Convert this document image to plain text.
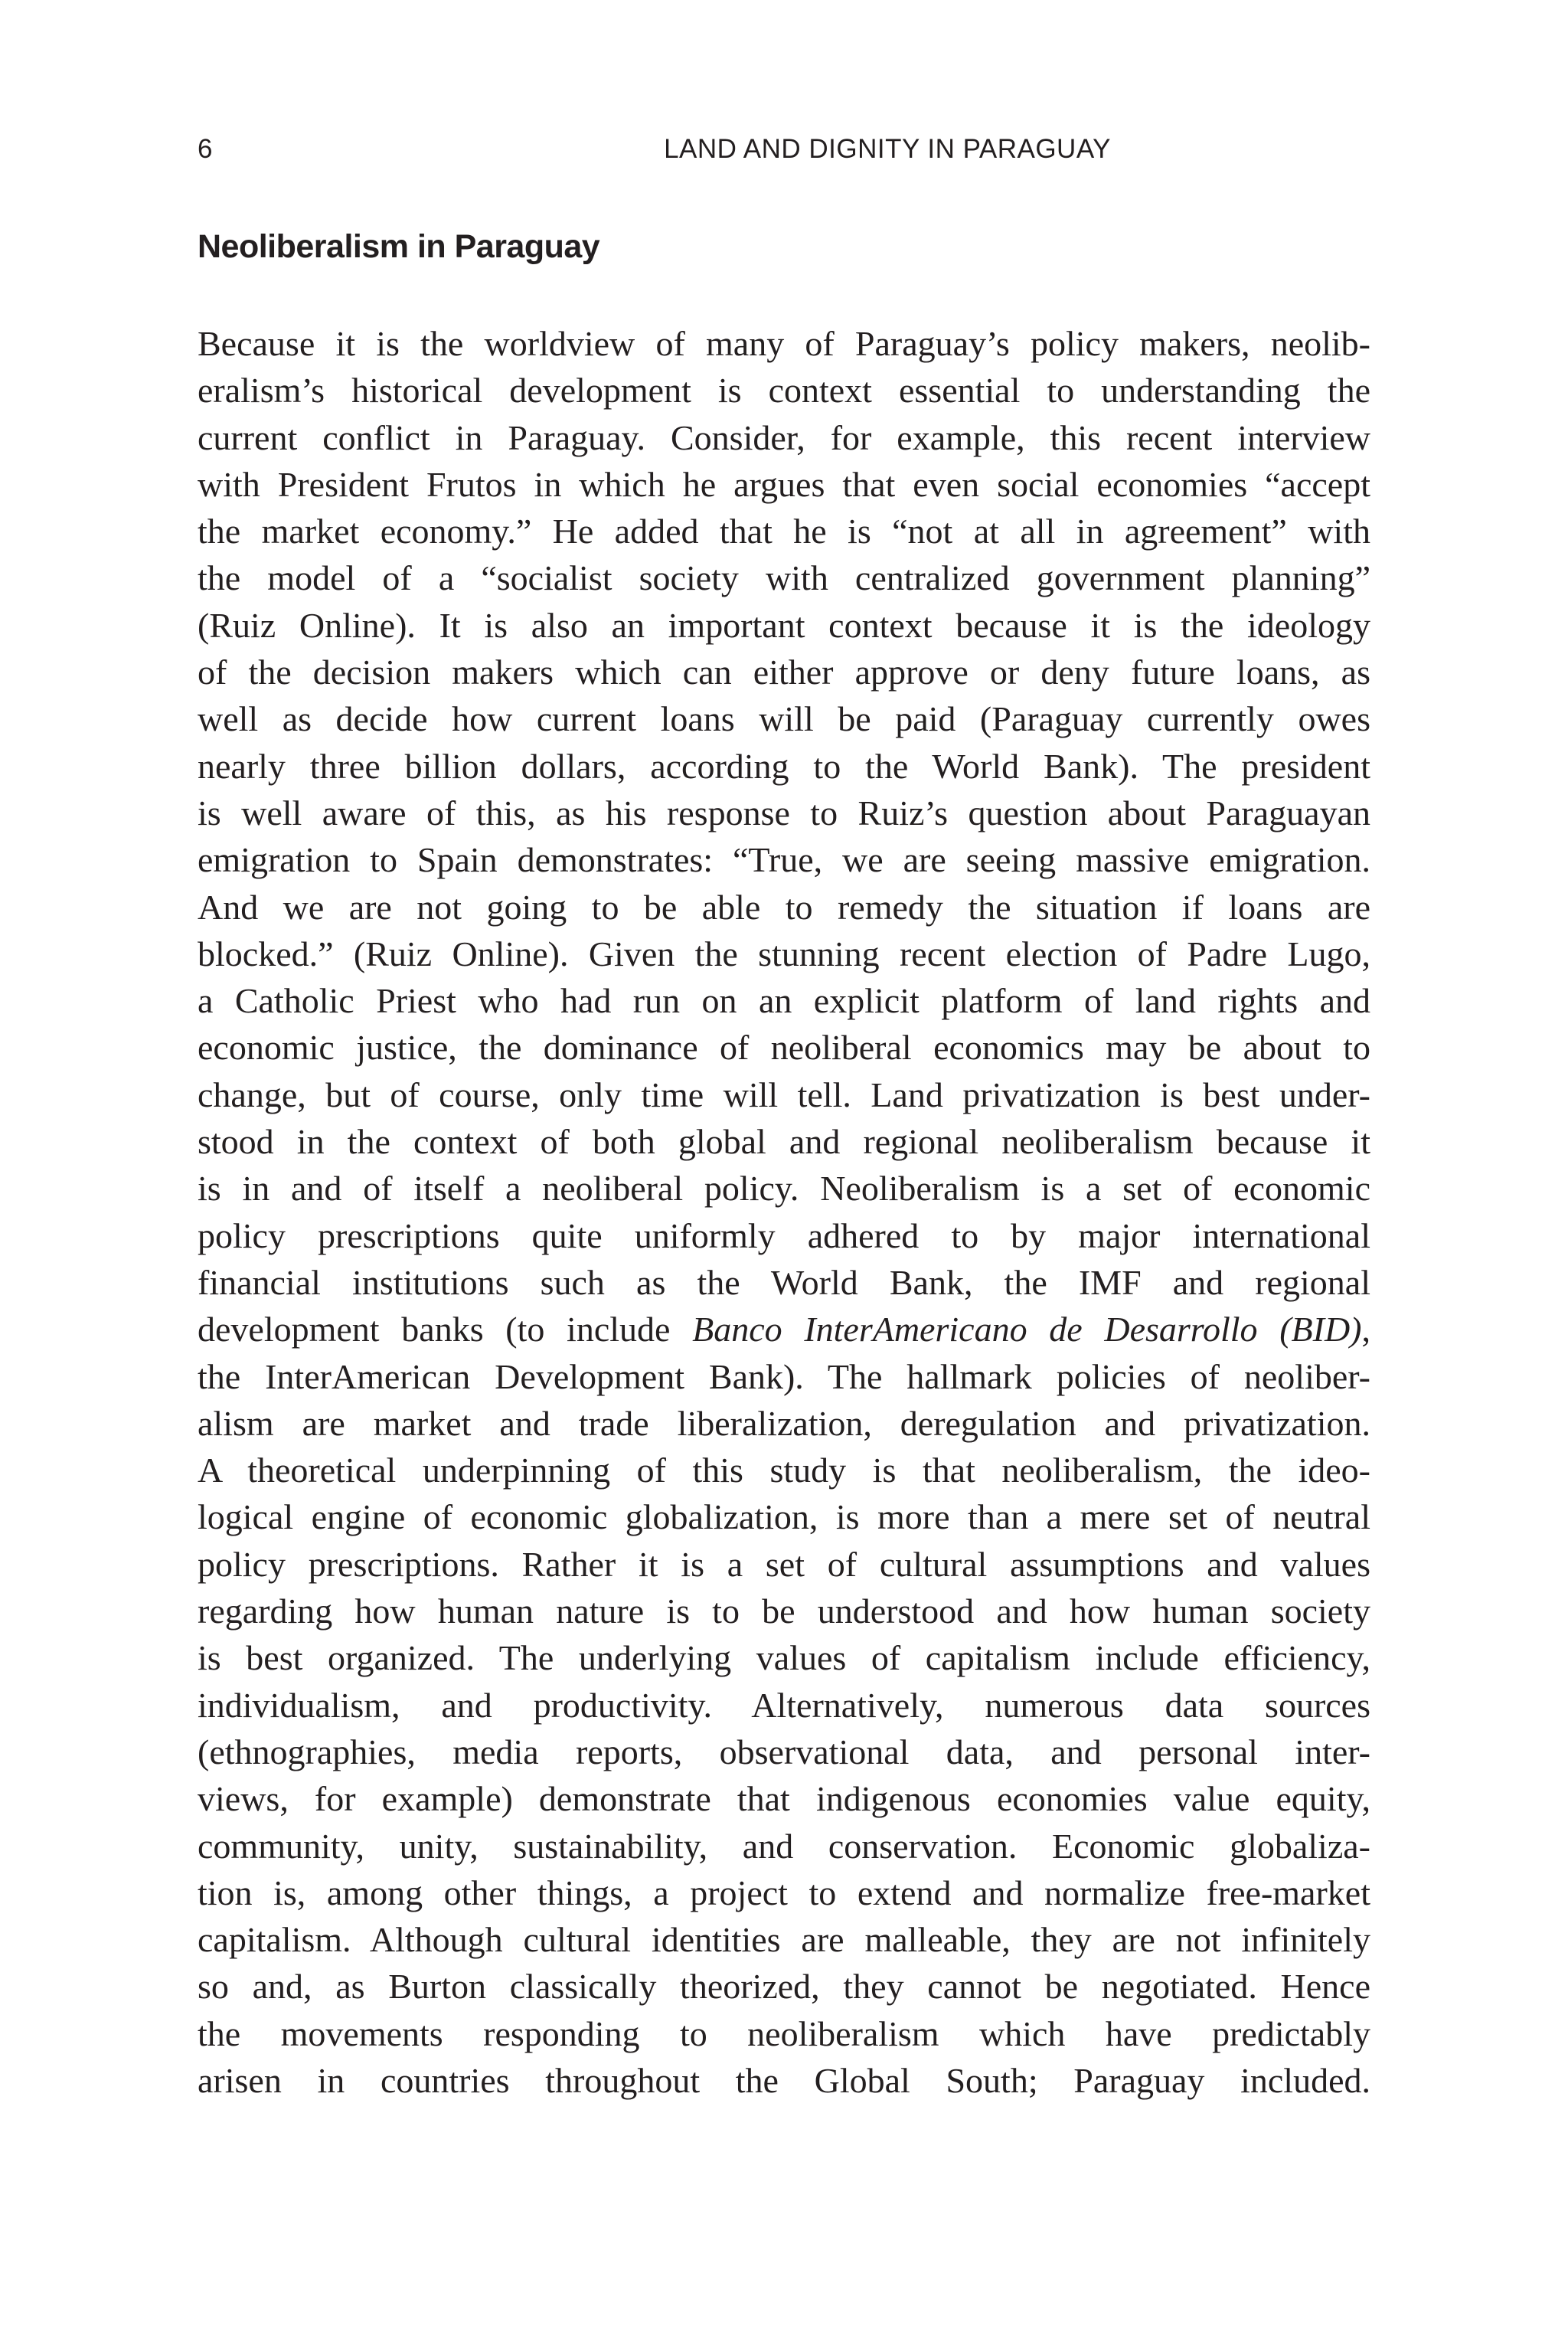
6	LAND AND DIGNITY IN PARAGUAY
Neoliberalism in Paraguay
Because it is the worldview of many of Paraguay’s policy makers, neolib-
eralism’s historical development is context essential to understanding the
current conflict in Paraguay. Consider, for example, this recent interview
with President Frutos in which he argues that even social economies “accept
the market economy.” He added that he is “not at all in agreement” with
the model of a “socialist society with centralized government planning”
(Ruiz Online). It is also an important context because it is the ideology
of the decision makers which can either approve or deny future loans, as
well as decide how current loans will be paid (Paraguay currently owes
nearly three billion dollars, according to the World Bank). The president
is well aware of this, as his response to Ruiz’s question about Paraguayan
emigration to Spain demonstrates: “True, we are seeing massive emigration.
And we are not going to be able to remedy the situation if loans are
blocked.” (Ruiz Online). Given the stunning recent election of Padre Lugo,
a Catholic Priest who had run on an explicit platform of land rights and
economic justice, the dominance of neoliberal economics may be about to
change, but of course, only time will tell. Land privatization is best under-
stood in the context of both global and regional neoliberalism because it
is in and of itself a neoliberal policy. Neoliberalism is a set of economic
policy prescriptions quite uniformly adhered to by major international
financial institutions such as the World Bank, the IMF and regional
development banks (to include Banco InterAmericano de Desarrollo (BID),
the InterAmerican Development Bank). The hallmark policies of neoliber-
alism are market and trade liberalization, deregulation and privatization.
A theoretical underpinning of this study is that neoliberalism, the ideo-
logical engine of economic globalization, is more than a mere set of neutral
policy prescriptions. Rather it is a set of cultural assumptions and values
regarding how human nature is to be understood and how human society
is best organized. The underlying values of capitalism include efficiency,
individualism, and productivity. Alternatively, numerous data sources
(ethnographies, media reports, observational data, and personal inter-
views, for example) demonstrate that indigenous economies value equity,
community, unity, sustainability, and conservation. Economic globaliza-
tion is, among other things, a project to extend and normalize free-market
capitalism. Although cultural identities are malleable, they are not infinitely
so and, as Burton classically theorized, they cannot be negotiated. Hence
the movements responding to neoliberalism which have predictably
arisen in countries throughout the Global South; Paraguay included.
